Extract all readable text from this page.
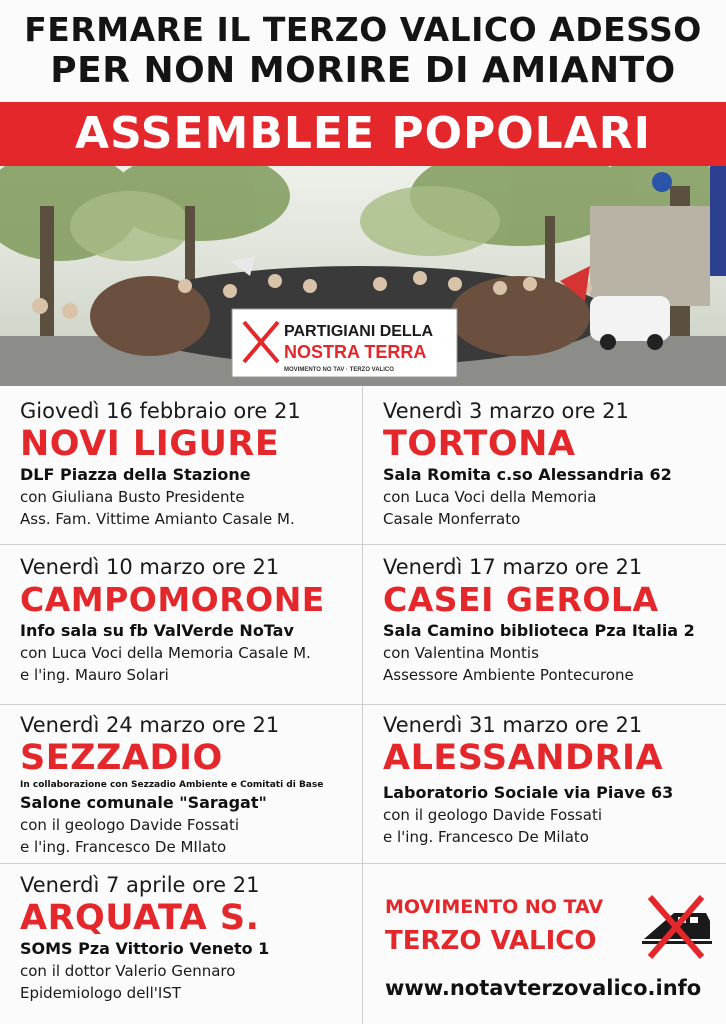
FERMARE IL TERZO VALICO ADESSO
PER NON MORIRE DI AMIANTO
ASSEMBLEE POPOLARI
PARTIGIANI DELLA
NOSTRA TERRA
MOVIMENTO NO TAV · TERZO VALICO
Giovedì 16 febbraio ore 21
NOVI LIGURE
DLF Piazza della Stazione
con Giuliana Busto Presidente
Ass. Fam. Vittime Amianto Casale M.
Venerdì 3 marzo ore 21
TORTONA
Sala Romita c.so Alessandria 62
con Luca Voci della Memoria
Casale Monferrato
Venerdì 10 marzo ore 21
CAMPOMORONE
Info sala su fb ValVerde NoTav
con Luca Voci della Memoria Casale M.
e l'ing. Mauro Solari
Venerdì 17 marzo ore 21
CASEI GEROLA
Sala Camino biblioteca Pza Italia 2
con Valentina Montis
Assessore Ambiente Pontecurone
Venerdì 24 marzo ore 21
SEZZADIO
In collaborazione con Sezzadio Ambiente e Comitati di Base
Salone comunale "Saragat"
con il geologo Davide Fossati
e l'ing. Francesco De MIlato
Venerdì 31 marzo ore 21
ALESSANDRIA
Laboratorio Sociale via Piave 63
con il geologo Davide Fossati
e l'ing. Francesco De Milato
Venerdì 7 aprile ore 21
ARQUATA S.
SOMS Pza Vittorio Veneto 1
con il dottor Valerio Gennaro
Epidemiologo dell'IST
MOVIMENTO NO TAV
TERZO VALICO
www.notavterzovalico.info
